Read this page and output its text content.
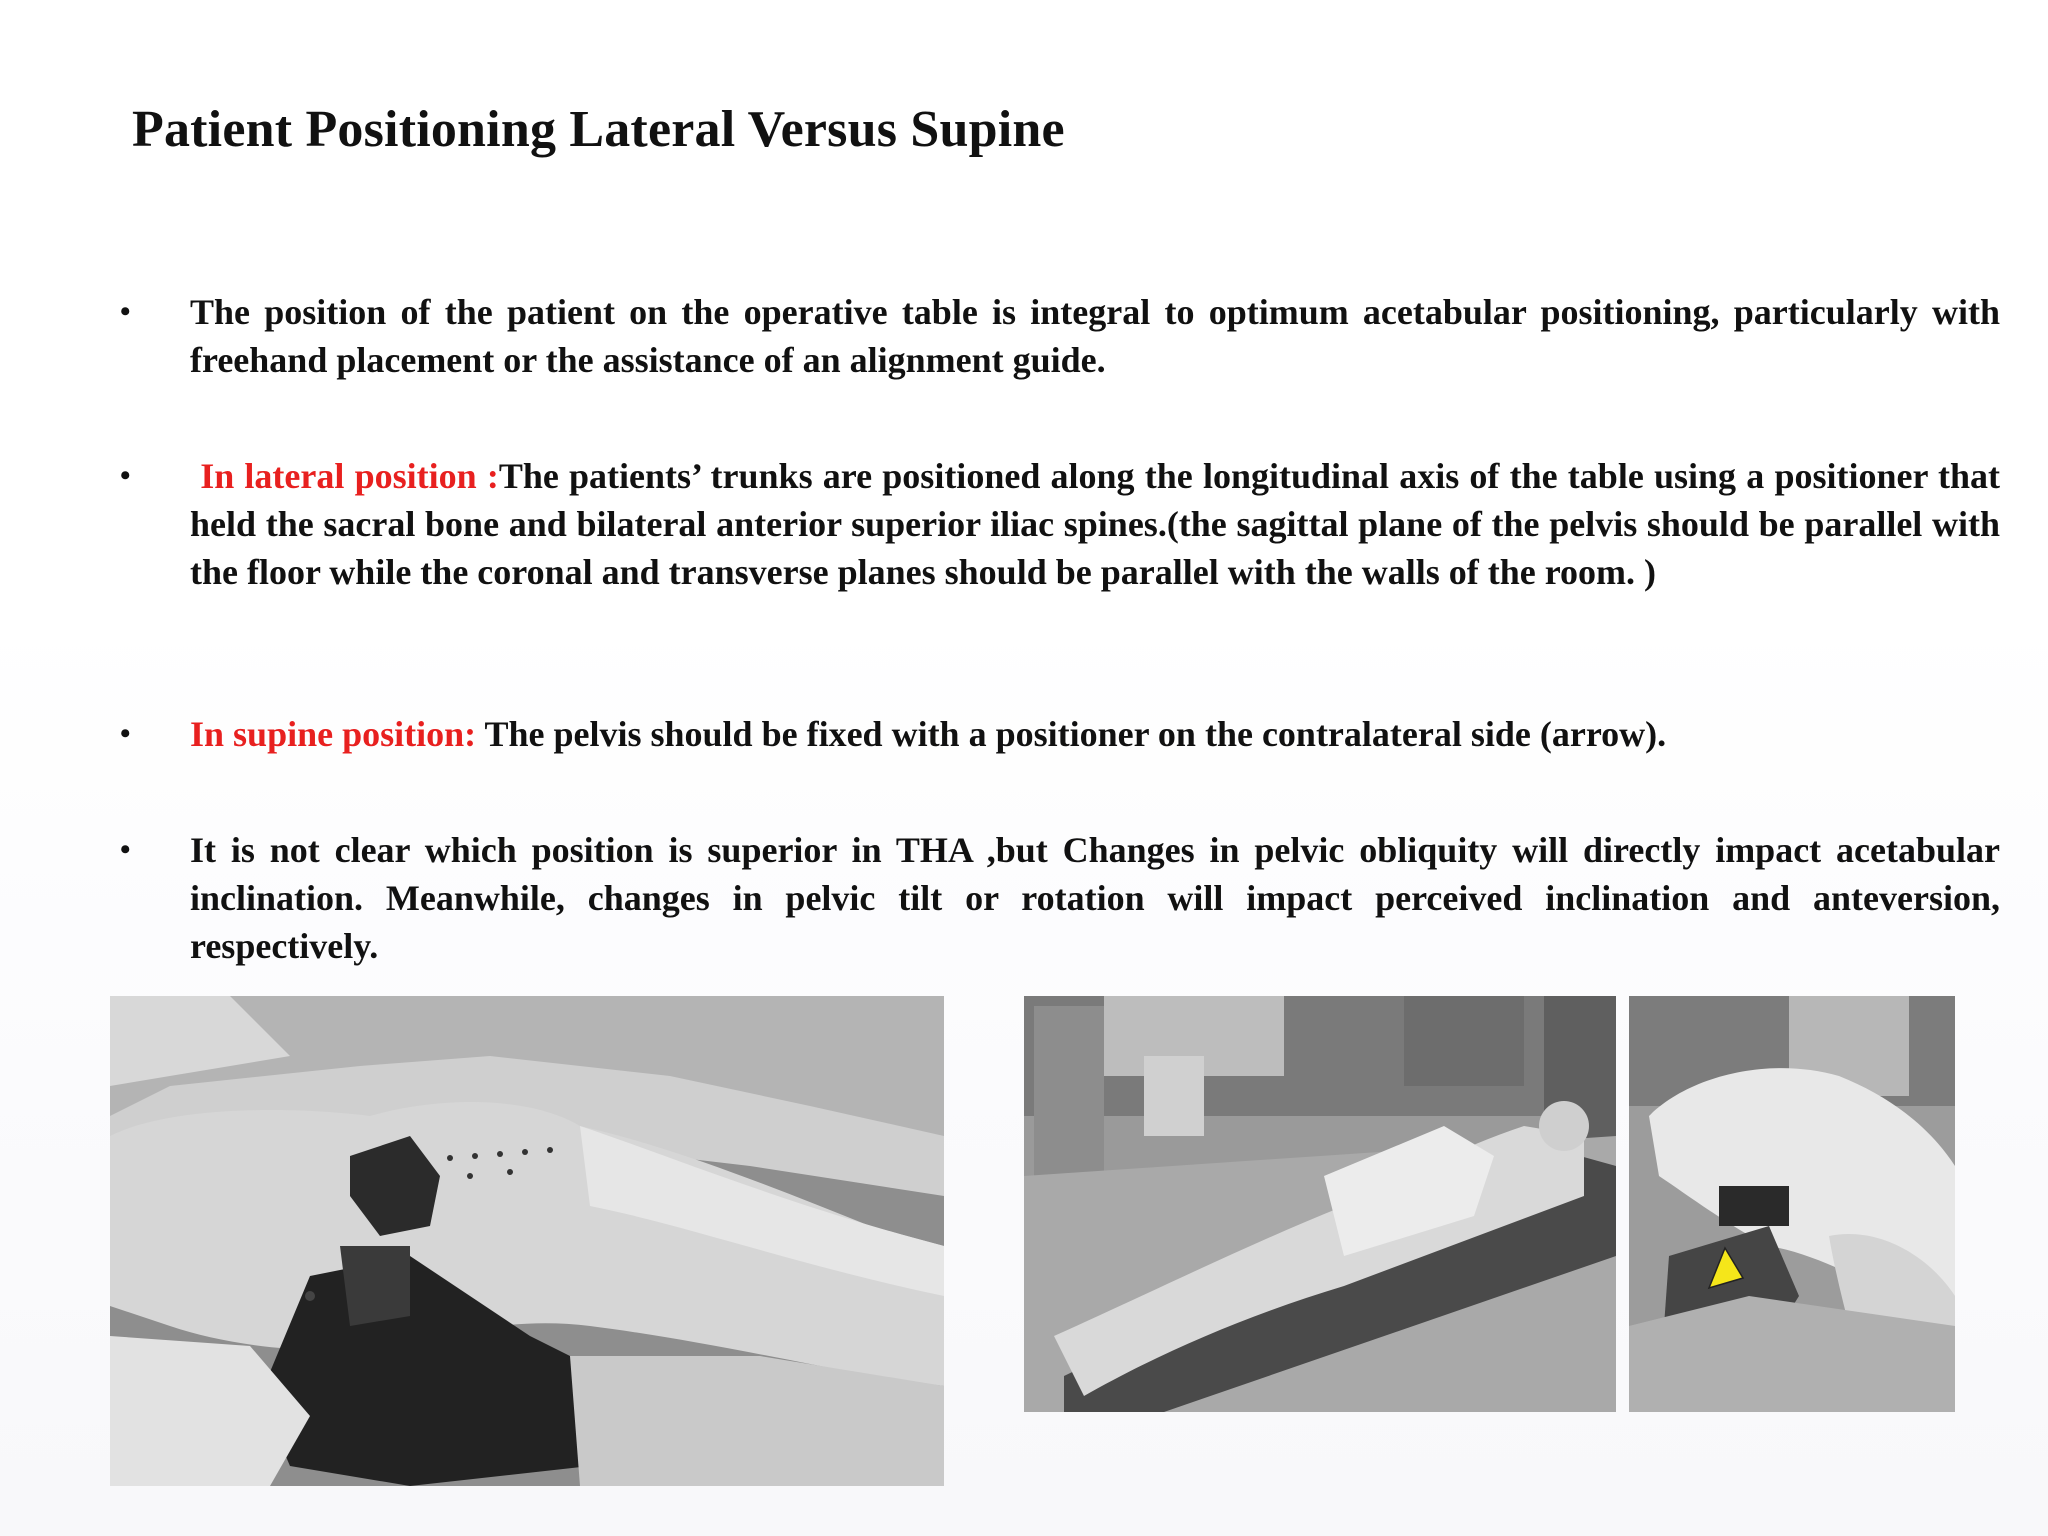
Patient Positioning Lateral Versus Supine
•	The position of the patient on the operative table is integral to optimum acetabular positioning, particularly with freehand placement or the assistance of an alignment guide.
•	In lateral position :The patients’ trunks are positioned along the longitudinal axis of the table using a positioner that held the sacral bone and bilateral anterior superior iliac spines.(the sagittal plane of the pelvis should be parallel with the floor while the coronal and transverse planes should be parallel with the walls of the room. )
•	In supine position: The pelvis should be fixed with a positioner on the contralateral side (arrow).
•	It is not clear which position is superior in THA ,but Changes in pelvic obliquity will directly impact acetabular inclination. Meanwhile, changes in pelvic tilt or rotation will impact perceived inclination and anteversion, respectively.
